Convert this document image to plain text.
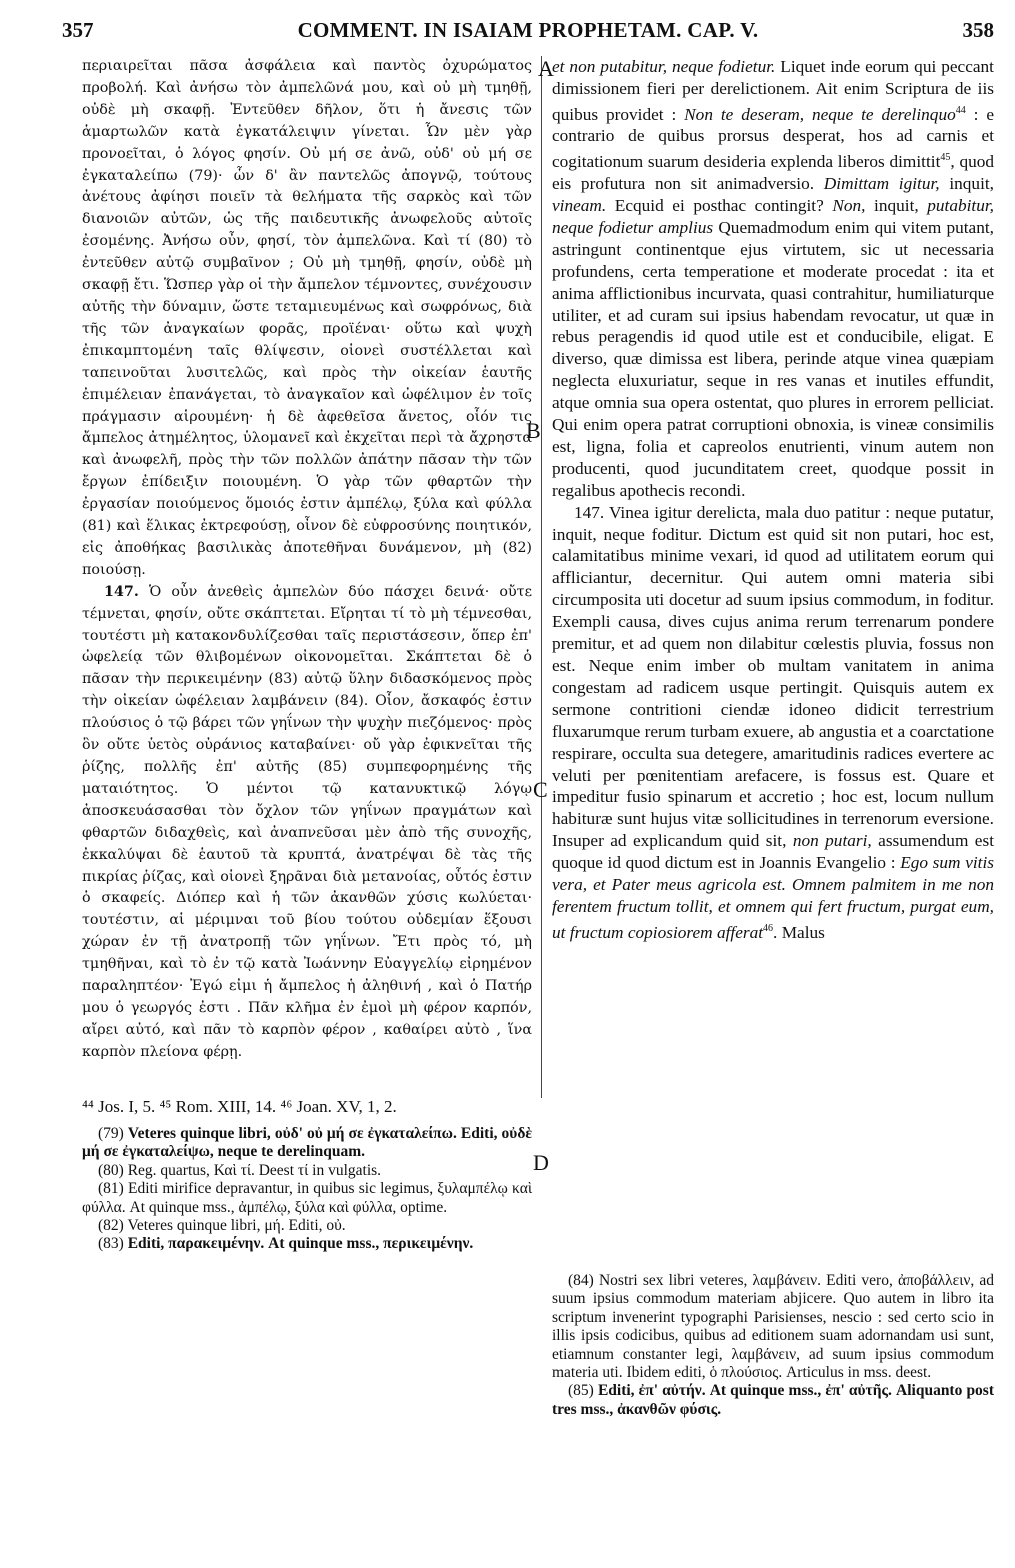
357	COMMENT. IN ISAIAM PROPHETAM. CAP. V.	358
A
B
C
D

περιαιρεῖται πᾶσα ἀσφάλεια καὶ παντὸς ὀχυρώματος προβολή. Καὶ ἀνήσω τὸν ἀμπελῶνά μου, καὶ οὐ μὴ τμηθῇ, οὐδὲ μὴ σκαφῇ. Ἐντεῦθεν δῆλον, ὅτι ἡ ἄνεσις τῶν ἁμαρτωλῶν κατὰ ἐγκατάλειψιν γίνεται. Ὧν μὲν γὰρ προνοεῖται, ὁ λόγος φησίν. Οὐ μή σε ἀνῶ, οὐδ' οὐ μή σε ἐγκαταλείπω (79)· ὧν δ' ἂν παντελῶς ἀπογνῷ, τούτους ἀνέτους ἀφίησι ποιεῖν τὰ θελήματα τῆς σαρκὸς καὶ τῶν διανοιῶν αὐτῶν, ὡς τῆς παιδευτικῆς ἀνωφελοῦς αὐτοῖς ἐσομένης. Ἀνήσω οὖν, φησί, τὸν ἀμπελῶνα. Καὶ τί (80) τὸ ἐντεῦθεν αὐτῷ συμβαῖνον ; Οὐ μὴ τμηθῇ, φησίν, οὐδὲ μὴ σκαφῇ ἔτι. Ὥσπερ γὰρ οἱ τὴν ἄμπελον τέμνοντες, συνέχουσιν αὐτῆς τὴν δύναμιν, ὥστε τεταμιευμένως καὶ σωφρόνως, διὰ τῆς τῶν ἀναγκαίων φορᾶς, προϊέναι· οὕτω καὶ ψυχὴ ἐπικαμπτομένη ταῖς θλίψεσιν, οἱονεὶ συστέλλεται καὶ ταπεινοῦται λυσιτελῶς, καὶ πρὸς τὴν οἰκείαν ἑαυτῆς ἐπιμέλειαν ἐπανάγεται, τὸ ἀναγκαῖον καὶ ὠφέλιμον ἐν τοῖς πράγμασιν αἱρουμένη· ἡ δὲ ἀφεθεῖσα ἄνετος, οἷόν τις ἄμπελος ἀτημέλητος, ὑλομανεῖ καὶ ἐκχεῖται περὶ τὰ ἄχρηστα καὶ ἀνωφελῆ, πρὸς τὴν τῶν πολλῶν ἀπάτην πᾶσαν τὴν τῶν ἔργων ἐπίδειξιν ποιουμένη. Ὁ γὰρ τῶν φθαρτῶν τὴν ἐργασίαν ποιούμενος ὅμοιός ἐστιν ἀμπέλῳ, ξύλα καὶ φύλλα (81) καὶ ἕλικας ἐκτρεφούσῃ, οἶνον δὲ εὐφροσύνης ποιητικόν, εἰς ἀποθήκας βασιλικὰς ἀποτεθῆναι δυνάμενον, μὴ (82) ποιούσῃ.

147. Ὁ οὖν ἀνεθεὶς ἀμπελὼν δύο πάσχει δεινά· οὔτε τέμνεται, φησίν, οὔτε σκάπτεται. Εἴρηται τί τὸ μὴ τέμνεσθαι, τουτέστι μὴ κατακονδυλίζεσθαι ταῖς περιστάσεσιν, ὅπερ ἐπ' ὠφελείᾳ τῶν θλιβομένων οἰκονομεῖται. Σκάπτεται δὲ ὁ πᾶσαν τὴν περικειμένην (83) αὐτῷ ὕλην διδασκόμενος πρὸς τὴν οἰκείαν ὠφέλειαν λαμβάνειν (84). Οἷον, ἄσκαφός ἐστιν πλούσιος ὁ τῷ βάρει τῶν γηΐνων τὴν ψυχὴν πιεζόμενος· πρὸς ὃν οὔτε ὑετὸς οὐράνιος καταβαίνει· οὔ γὰρ ἐφικνεῖται τῆς ῥίζης, πολλῆς ἐπ' αὐτῆς (85) συμπεφορημένης τῆς ματαιότητος. Ὁ μέντοι τῷ κατανυκτικῷ λόγῳ ἀποσκευάσασθαι τὸν ὄχλον τῶν γηΐνων πραγμάτων καὶ φθαρτῶν διδαχθεὶς, καὶ ἀναπνεῦσαι μὲν ἀπὸ τῆς συνοχῆς, ἐκκαλύψαι δὲ ἑαυτοῦ τὰ κρυπτά, ἀνατρέψαι δὲ τὰς τῆς πικρίας ῥίζας, καὶ οἱονεὶ ξηρᾶναι διὰ μετανοίας, οὗτός ἐστιν ὁ σκαφείς. Διόπερ καὶ ἡ τῶν ἀκανθῶν χύσις κωλύεται· τουτέστιν, αἱ μέριμναι τοῦ βίου τούτου οὐδεμίαν ἕξουσι χώραν ἐν τῇ ἀνατροπῇ τῶν γηΐνων. Ἔτι πρὸς τό, μὴ τμηθῆναι, καὶ τὸ ἐν τῷ κατὰ Ἰωάννην Εὐαγγελίῳ εἰρημένον παραληπτέον· Ἐγώ εἰμι ἡ ἄμπελος ἡ ἀληθινή , καὶ ὁ Πατήρ μου ὁ γεωργός ἐστι . Πᾶν κλῆμα ἐν ἐμοὶ μὴ φέρον καρπόν, αἴρει αὐτό, καὶ πᾶν τὸ καρπὸν φέρον , καθαίρει αὐτὸ , ἵνα καρπὸν πλείονα φέρῃ.

et non putabitur, neque fodietur. Liquet inde eorum qui peccant dimissionem fieri per derelictionem. Ait enim Scriptura de iis quibus providet : Non te deseram, neque te derelinquo$^{44}$ : e contrario de quibus prorsus desperat, hos ad carnis et cogitationum suarum desideria explenda liberos dimittit$^{45}$, quod eis profutura non sit animadversio. Dimittam igitur, inquit, vineam. Ecquid ei posthac contingit? Non, inquit, putabitur, neque fodietur amplius Quemadmodum enim qui vitem putant, astringunt continentque ejus virtutem, sic ut necessaria profundens, certa temperatione et moderate procedat : ita et anima afflictionibus incurvata, quasi contrahitur, humiliaturque utiliter, et ad curam sui ipsius habendam revocatur, ut quæ in rebus peragendis id quod utile est et conducibile, eligat. E diverso, quæ dimissa est libera, perinde atque vinea quæpiam neglecta eluxuriatur, seque in res vanas et inutiles effundit, atque omnia sua opera ostentat, quo plures in errorem pelliciat. Qui enim opera patrat corruptioni obnoxia, is vineæ consimilis est, ligna, folia et capreolos enutrienti, vinum autem non producenti, quod jucunditatem creet, quodque possit in regalibus apothecis recondi.

147. Vinea igitur derelicta, mala duo patitur : neque putatur, inquit, neque foditur. Dictum est quid sit non putari, hoc est, calamitatibus minime vexari, id quod ad utilitatem eorum qui affliciantur, decernitur. Qui autem omni materia sibi circumposita uti docetur ad suum ipsius commodum, in foditur. Exempli causa, dives cujus anima rerum terrenarum pondere premitur, et ad quem non dilabitur cœlestis pluvia, fossus non est. Neque enim imber ob multam vanitatem in anima congestam ad radicem usque pertingit. Quisquis autem ex sermone contritioni ciendæ idoneo didicit terrestrium fluxarumque rerum turbam exuere, ab angustia et a coarctatione respirare, occulta sua detegere, amaritudinis radices evertere ac veluti per pœnitentiam arefacere, is fossus est. Quare et impeditur fusio spinarum et accretio ; hoc est, locum nullum habituræ sunt hujus vitæ sollicitudines in terrenorum eversione. Insuper ad explicandum quid sit, non putari, assumendum est quoque id quod dictum est in Joannis Evangelio : Ego sum vitis vera, et Pater meus agricola est. Omnem palmitem in me non ferentem fructum tollit, et omnem qui fert fructum, purgat eum, ut fructum copiosiorem afferat$^{46}$. Malus

⁴⁴ Jos. I, 5. ⁴⁵ Rom. XIII, 14. ⁴⁶ Joan. XV, 1, 2.

(79) Veteres quinque libri, οὐδ' οὐ μή σε ἐγκαταλείπω. Editi, οὐδὲ μή σε ἐγκαταλείψω, neque te derelinquam.

(80) Reg. quartus, Καὶ τί. Deest τί in vulgatis.

(81) Editi mirifice depravantur, in quibus sic legimus, ξυλαμπέλῳ καὶ φύλλα. At quinque mss., ἀμπέλῳ, ξύλα καὶ φύλλα, optime.

(82) Veteres quinque libri, μή. Editi, οὐ.

(83) Editi, παρακειμένην. At quinque mss., περικειμένην.

(84) Nostri sex libri veteres, λαμβάνειν. Editi vero, ἀποβάλλειν, ad suum ipsius commodum materiam abjicere. Quo autem in libro ita scriptum invenerint typographi Parisienses, nescio : sed certo scio in illis ipsis codicibus, quibus ad editionem suam adornandam usi sunt, etiamnum constanter legi, λαμβάνειν, ad suum ipsius commodum materia uti. Ibidem editi, ὁ πλούσιος. Articulus in mss. deest.

(85) Editi, ἐπ' αὐτήν. At quinque mss., ἐπ' αὐτῆς. Aliquanto post tres mss., ἀκανθῶν φύσις.
